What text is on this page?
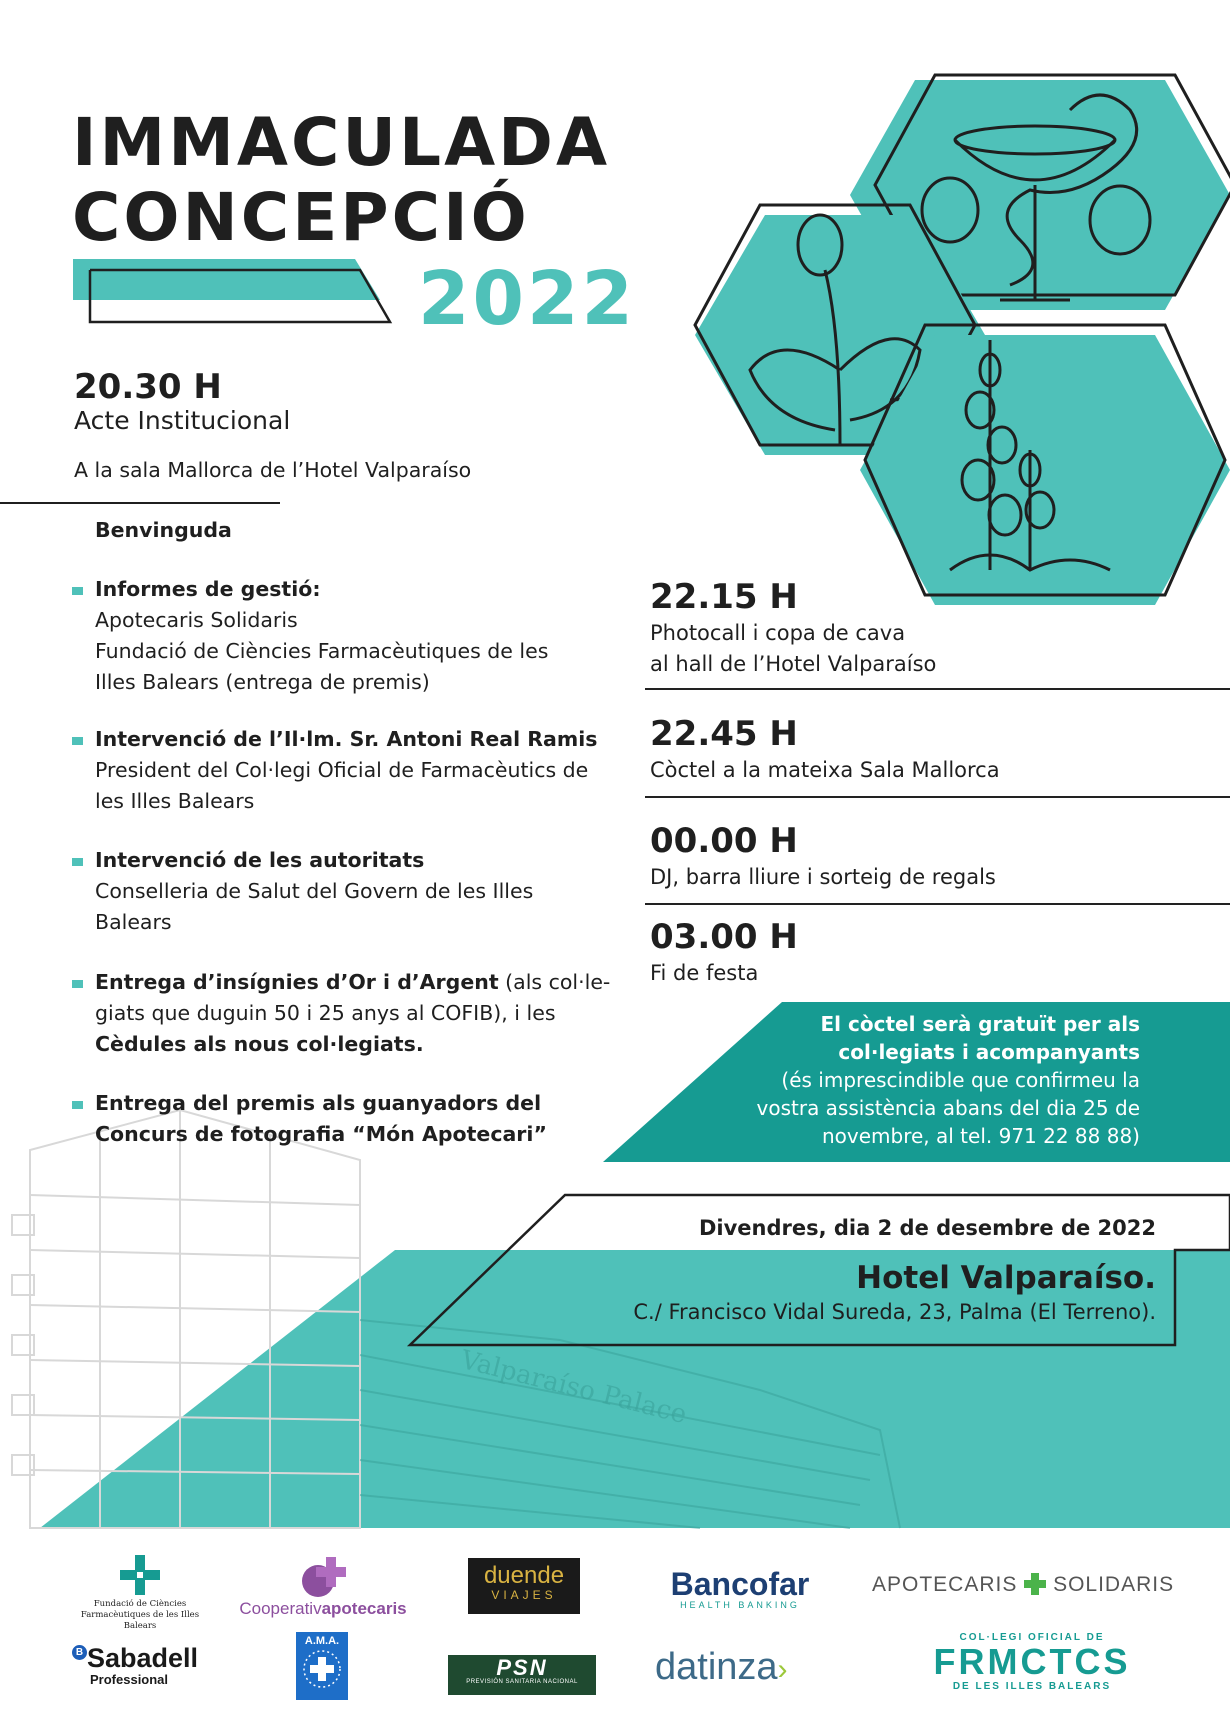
IMMACULADA
CONCEPCIÓ
2022
20.30 H
Acte Institucional
A la sala Mallorca de l’Hotel Valparaíso
Benvinguda
Informes de gestió:
Apotecaris Solidaris
Fundació de Ciències Farmacèutiques de les
Illes Balears (entrega de premis)
Intervenció de l’Il·lm. Sr. Antoni Real Ramis
President del Col·legi Oficial de Farmacèutics de
les Illes Balears
Intervenció de les autoritats
Conselleria de Salut del Govern de les Illes
Balears
Entrega d’insígnies d’Or i d’Argent (als col·le-
giats que duguin 50 i 25 anys al COFIB), i les
Cèdules als nous col·legiats.
Entrega del premis als guanyadors del
Concurs de fotografia “Món Apotecari”
22.15 H
Photocall i copa de cava
al hall de l’Hotel Valparaíso
22.45 H
Còctel a la mateixa Sala Mallorca
00.00 H
DJ, barra lliure i sorteig de regals
03.00 H
Fi de festa
El còctel serà gratuït per als
col·legiats i acompanyants
(és imprescindible que confirmeu la
vostra assistència abans del dia 25 de
novembre, al tel. 971 22 88 88)
Divendres, dia 2 de desembre de 2022
Hotel Valparaíso.
C./ Francisco Vidal Sureda, 23, Palma (El Terreno).
Valparaíso Palace
Fundació de Ciències
Farmacèutiques de les Illes Balears
Cooperativapotecaris
duende
VIAJES	Bancofar
HEALTH BANKING
APOTECARIS SOLIDARIS
B Sabadell
Professional
A.M.A.
PSN
PREVISIÓN SANITARIA NACIONAL	datinza›
COL·LEGI OFICIAL DE
FRMCTCS
DE LES ILLES BALEARS
